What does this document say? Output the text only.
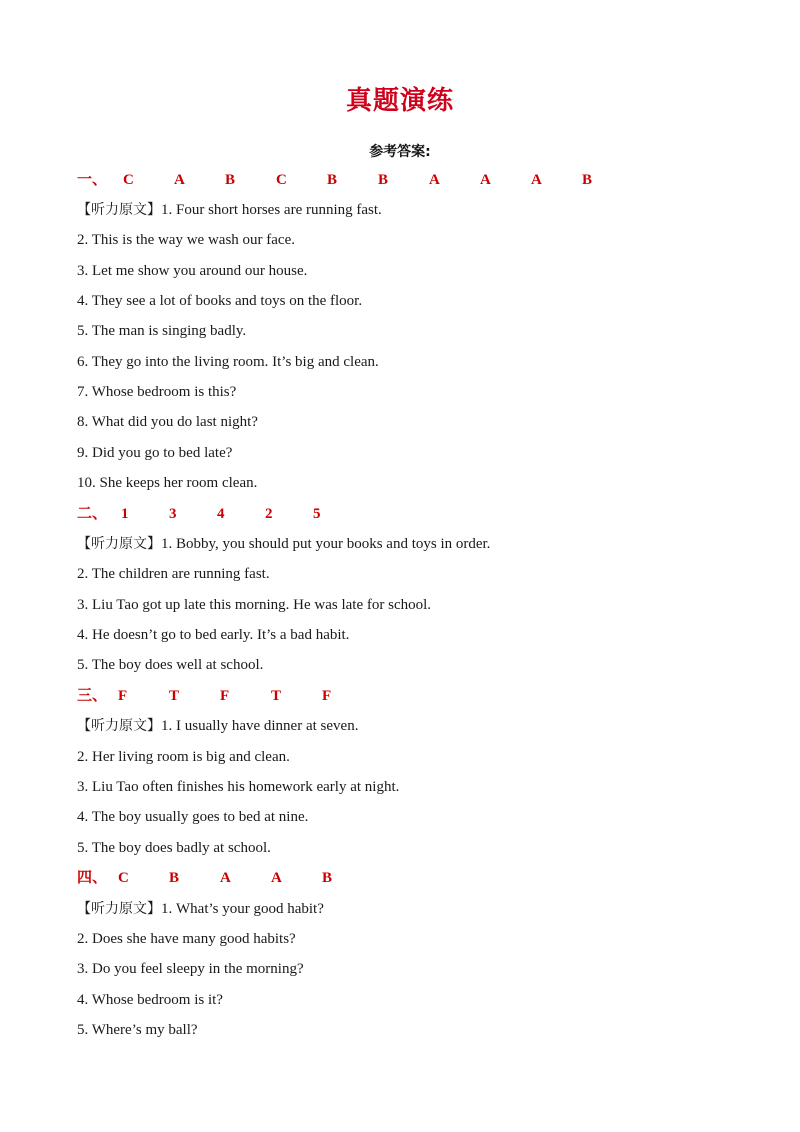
真题演练
参考答案:
一、 C	A	B	C	B	B	A	A	A	B
【听力原文】1. Four short horses are running fast.
2. This is the way we wash our face.
3. Let me show you around our house.
4. They see a lot of books and toys on the floor.
5. The man is singing badly.
6. They go into the living room. It’s big and clean.
7. Whose bedroom is this?
8. What did you do last night?
9. Did you go to bed late?
10. She keeps her room clean.
二、 1	3	4	2	5
【听力原文】1. Bobby, you should put your books and toys in order.
2. The children are running fast.
3. Liu Tao got up late this morning. He was late for school.
4. He doesn’t go to bed early. It’s a bad habit.
5. The boy does well at school.
三、 F	T	F	T	F
【听力原文】1. I usually have dinner at seven.
2. Her living room is big and clean.
3. Liu Tao often finishes his homework early at night.
4. The boy usually goes to bed at nine.
5. The boy does badly at school.
四、 C	B	A	A	B
【听力原文】1. What’s your good habit?
2. Does she have many good habits?
3. Do you feel sleepy in the morning?
4. Whose bedroom is it?
5. Where’s my ball?
